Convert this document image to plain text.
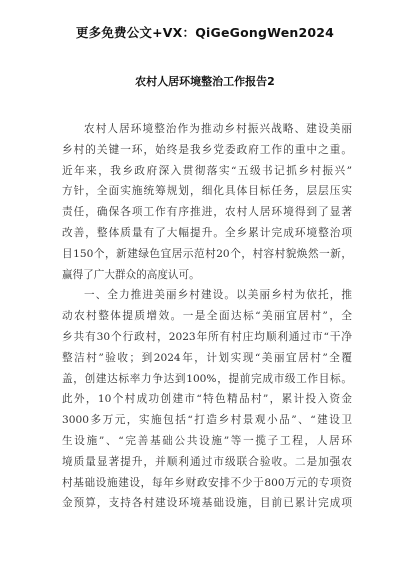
更多免费公文+VX：QiGeGongWen2024
农村人居环境整治工作报告2
农村人居环境整治作为推动乡村振兴战略、建设美丽
乡村的关键一环，始终是我乡党委政府工作的重中之重。
近年来，我乡政府深入贯彻落实“五级书记抓乡村振兴”
方针，全面实施统筹规划，细化具体目标任务，层层压实
责任，确保各项工作有序推进，农村人居环境得到了显著
改善，整体质量有了大幅提升。全乡累计完成环境整治项
目150个，新建绿色宜居示范村20个，村容村貌焕然一新，
赢得了广大群众的高度认可。
一、全力推进美丽乡村建设。以美丽乡村为依托，推
动农村整体提质增效。一是全面达标“美丽宜居村”，全
乡共有30个行政村，2023年所有村庄均顺利通过市“干净
整洁村”验收；到2024年，计划实现“美丽宜居村”全覆
盖，创建达标率力争达到100%，提前完成市级工作目标。
此外，10个村成功创建市“特色精品村”，累计投入资金
3000多万元，实施包括“打造乡村景观小品”、“建设卫
生设施”、“完善基础公共设施”等一揽子工程，人居环
境质量显著提升，并顺利通过市级联合验收。二是加强农
村基础设施建设，每年乡财政安排不少于800万元的专项资
金预算，支持各村建设环境基础设施，目前已累计完成项
